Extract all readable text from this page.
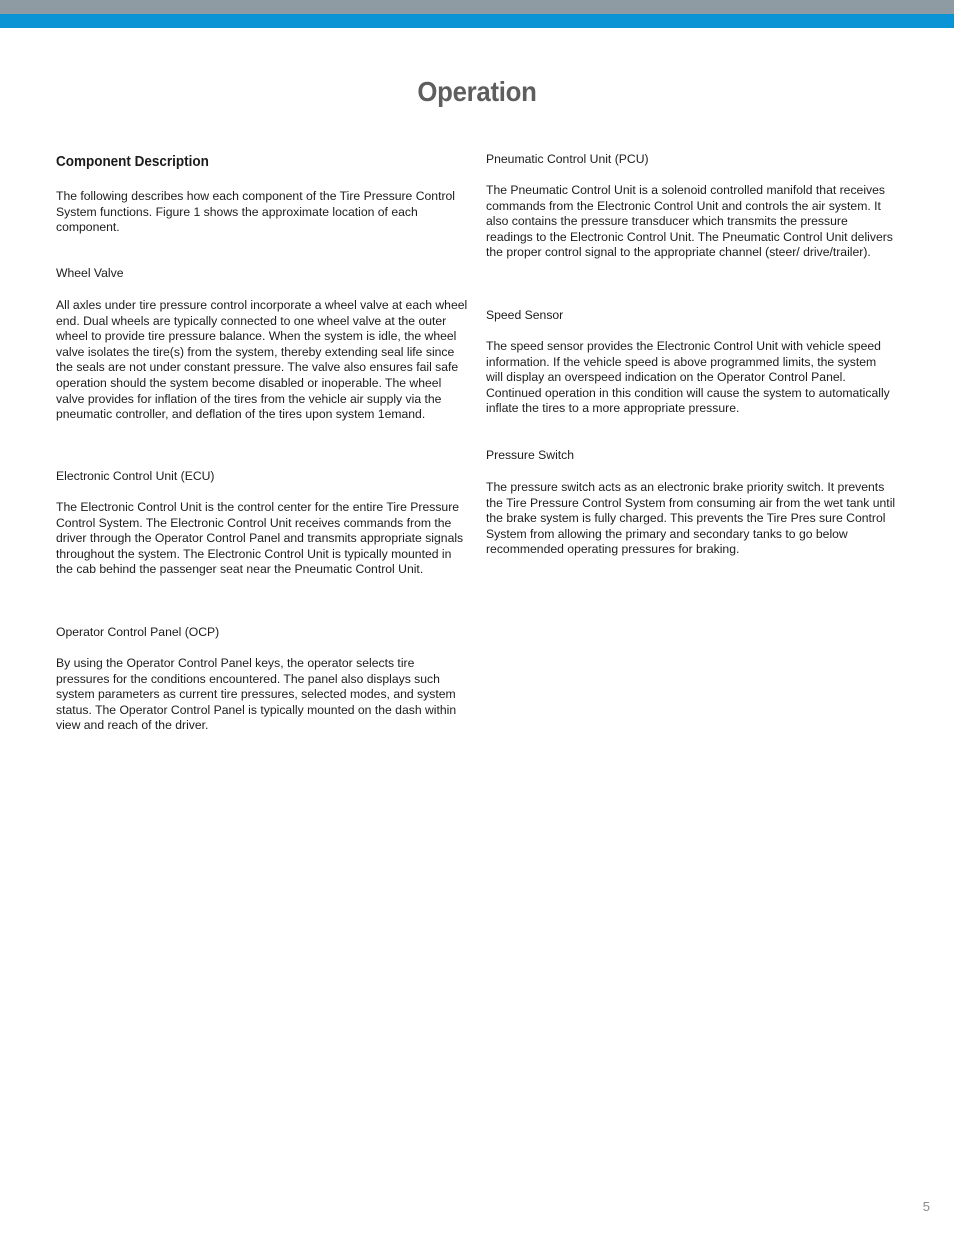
Operation
Component Description

The following describes how each component of the Tire Pressure Control System functions. Figure 1 shows the approximate location of each component.

Wheel Valve

All axles under tire pressure control incorporate a wheel valve at each wheel end. Dual wheels are typically connected to one wheel valve at the outer wheel to provide tire pressure balance. When the system is idle, the wheel valve isolates the tire(s) from the system, thereby extending seal life since the seals are not under constant pressure. The valve also ensures fail safe operation should the system become disabled or inoperable. The wheel valve provides for inflation of the tires from the vehicle air supply via the pneumatic controller, and deflation of the tires upon system 1emand.

Electronic Control Unit (ECU)

The Electronic Control Unit is the control center for the entire Tire Pressure Control System. The Electronic Control Unit receives commands from the driver through the Operator Control Panel and transmits appropriate signals throughout the system. The Electronic Control Unit is typically mounted in the cab behind the passenger seat near the Pneumatic Control Unit.

Operator Control Panel (OCP)

By using the Operator Control Panel keys, the operator selects tire pressures for the conditions encountered. The panel also displays such system parameters as current tire pressures, selected modes, and system status. The Operator Control Panel is typically mounted on the dash within view and reach of the driver.

Pneumatic Control Unit (PCU)

The Pneumatic Control Unit is a solenoid controlled manifold that receives commands from the Electronic Control Unit and controls the air system. It also contains the pressure transducer which transmits the pressure readings to the Electronic Control Unit. The Pneumatic Control Unit delivers the proper control signal to the appropriate channel (steer/ drive/trailer).

Speed Sensor

The speed sensor provides the Electronic Control Unit with vehicle speed information. If the vehicle speed is above programmed limits, the system will display an overspeed indication on the Operator Control Panel. Continued operation in this condition will cause the system to automatically inflate the tires to a more appropriate pressure.

Pressure Switch

The pressure switch acts as an electronic brake priority switch. It prevents the Tire Pressure Control System from consuming air from the wet tank until the brake system is fully charged. This prevents the Tire Pres sure Control System from allowing the primary and secondary tanks to go below recommended operating pressures for braking.

5
